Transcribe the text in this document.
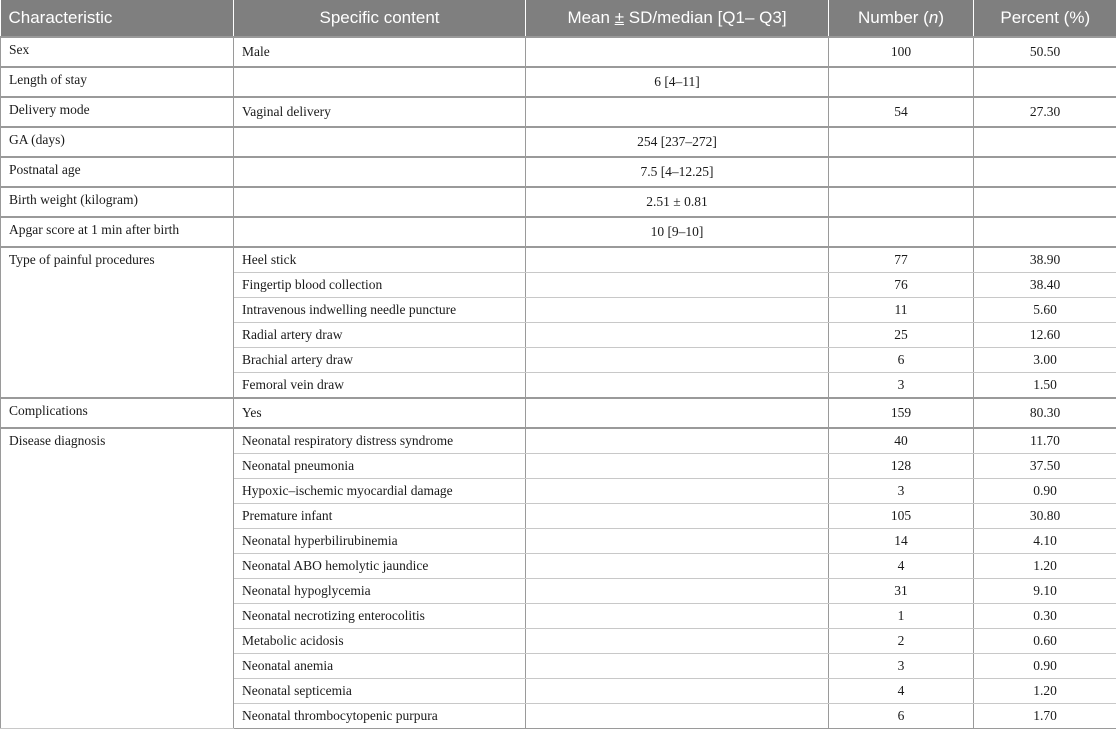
Characteristic	Specific content	Mean ± SD/median [Q1– Q3]	Number (n)	Percent (%)
Sex	Male		100	50.50
Length of stay		6 [4–11]		
Delivery mode	Vaginal delivery		54	27.30
GA (days)		254 [237–272]		
Postnatal age		7.5 [4–12.25]		
Birth weight (kilogram)		2.51 ± 0.81		
Apgar score at 1 min after birth		10 [9–10]		
Type of painful procedures	Heel stick		77	38.90
	Fingertip blood collection		76	38.40
	Intravenous indwelling needle puncture		11	5.60
	Radial artery draw		25	12.60
	Brachial artery draw		6	3.00
	Femoral vein draw		3	1.50
Complications	Yes		159	80.30
Disease diagnosis	Neonatal respiratory distress syndrome		40	11.70
	Neonatal pneumonia		128	37.50
	Hypoxic–ischemic myocardial damage		3	0.90
	Premature infant		105	30.80
	Neonatal hyperbilirubinemia		14	4.10
	Neonatal ABO hemolytic jaundice		4	1.20
	Neonatal hypoglycemia		31	9.10
	Neonatal necrotizing enterocolitis		1	0.30
	Metabolic acidosis		2	0.60
	Neonatal anemia		3	0.90
	Neonatal septicemia		4	1.20
	Neonatal thrombocytopenic purpura		6	1.70
